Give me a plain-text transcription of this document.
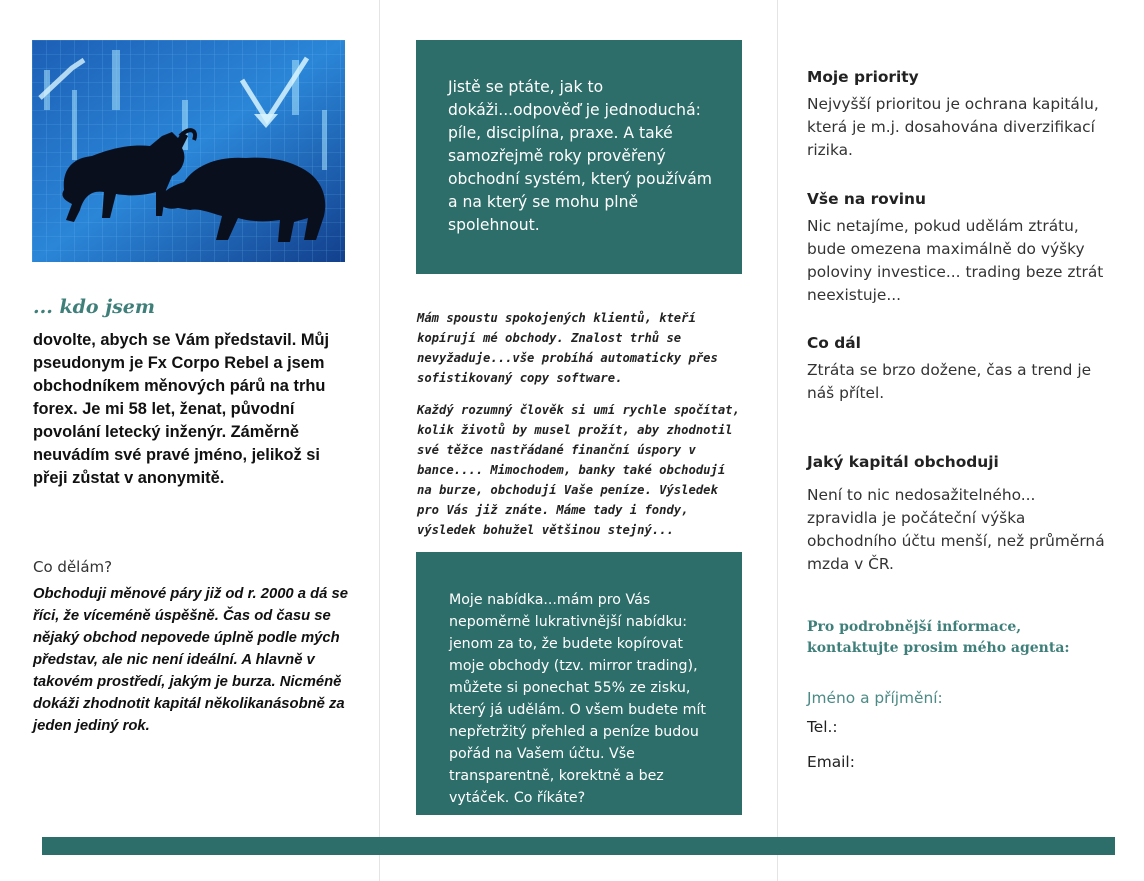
... kdo jsem

dovolte, abych se Vám představil. Můj pseudonym je Fx Corpo Rebel a jsem obchodníkem měnových párů na trhu forex. Je mi 58 let, ženat, původní povolání letecký inženýr. Záměrně neuvádím své pravé jméno, jelikož si přeji zůstat v anonymitě.

Co dělám?

Obchoduji měnové páry již od r. 2000 a dá se říci, že víceméně úspěšně. Čas od času se nějaký obchod nepovede úplně podle mých představ, ale nic není ideální. A hlavně v takovém prostředí, jakým je burza. Nicméně dokáži zhodnotit kapitál několikanásobně za jeden jediný rok.

Jistě se ptáte, jak to dokáži...odpověď je jednoduchá: píle, disciplína, praxe. A také samozřejmě roky prověřený obchodní systém, který používám a na který se mohu plně spolehnout.

Mám spoustu spokojených klientů, kteří kopírují mé obchody. Znalost trhů se nevyžaduje...vše probíhá automaticky přes sofistikovaný copy software.

Každý rozumný člověk si umí rychle spočítat, kolik životů by musel prožít, aby zhodnotil své těžce nastřádané finanční úspory v bance.... Mimochodem, banky také obchodují na burze, obchodují Vaše peníze. Výsledek pro Vás již znáte. Máme tady i fondy, výsledek bohužel většinou stejný...

Moje nabídka...mám pro Vás nepoměrně lukrativnější nabídku: jenom za to, že budete kopírovat moje obchody (tzv. mirror trading), můžete si ponechat 55% ze zisku, který já udělám. O všem budete mít nepřetržitý přehled a peníze budou pořád na Vašem účtu. Vše transparentně, korektně a bez vytáček. Co říkáte?

Moje priority

Nejvyšší prioritou je ochrana kapitálu, která je m.j. dosahována diverzifikací rizika.

Vše na rovinu

Nic netajíme, pokud udělám ztrátu, bude omezena maximálně do výšky poloviny investice... trading beze ztrát neexistuje...

Co dál

Ztráta se brzo dožene, čas a trend je náš přítel.

Jaký kapitál obchoduji

Není to nic nedosažitelného... zpravidla je počáteční výška obchodního účtu menší, než průměrná mzda v ČR.

Pro podrobnější informace, kontaktujte prosim mého agenta:

Jméno a příjmění:

Tel.:

Email:
